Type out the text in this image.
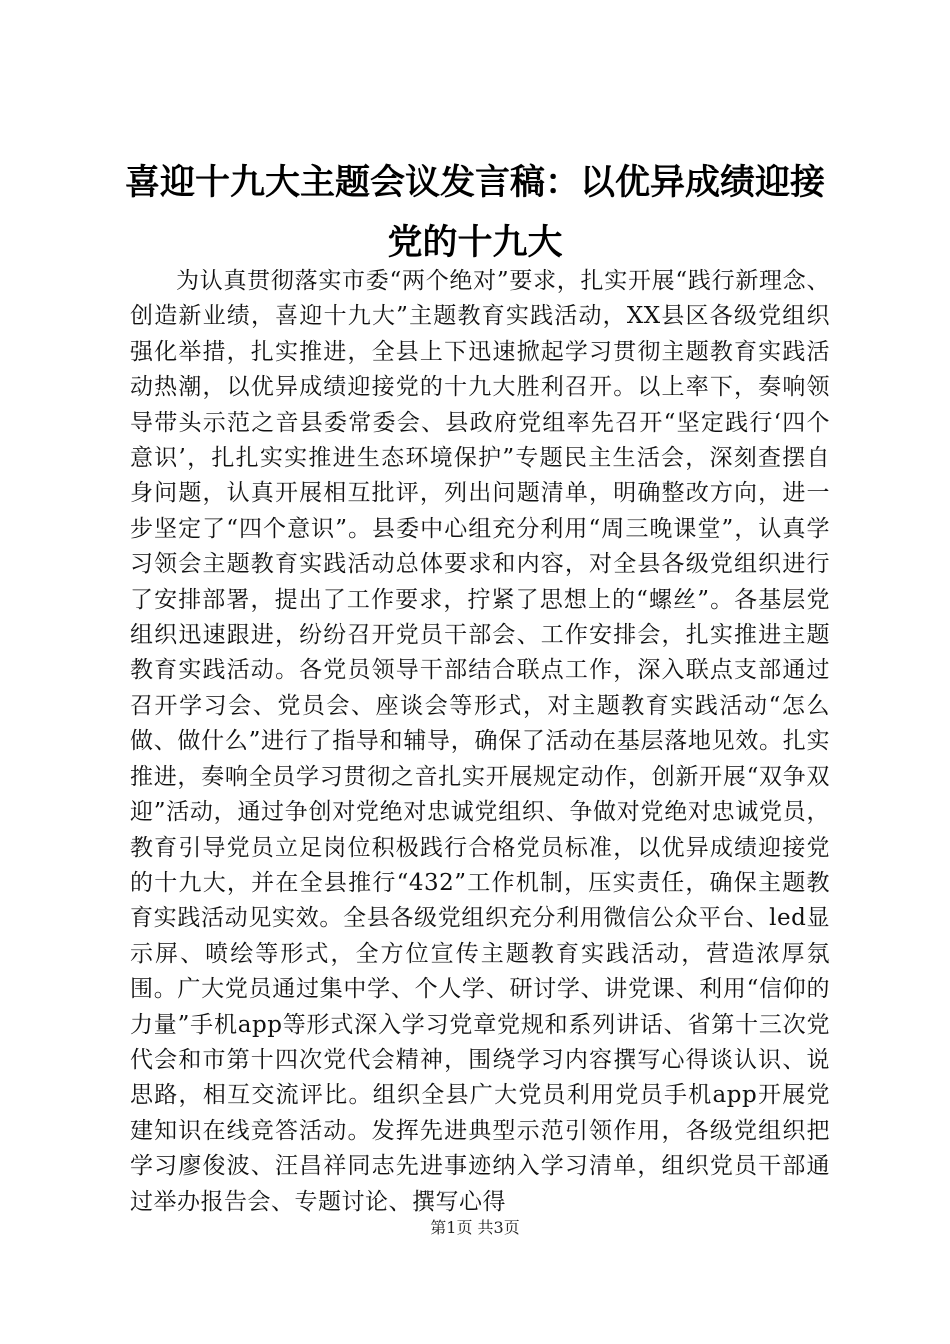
喜迎十九大主题会议发言稿：以优异成绩迎接
党的十九大

为认真贯彻落实市委“两个绝对”要求，扎实开展“践行新理念、创造新业绩，喜迎十九大”主题教育实践活动，XX县区各级党组织强化举措，扎实推进，全县上下迅速掀起学习贯彻主题教育实践活动热潮，以优异成绩迎接党的十九大胜利召开。以上率下，奏响领导带头示范之音县委常委会、县政府党组率先召开“坚定践行‘四个意识’，扎扎实实推进生态环境保护”专题民主生活会，深刻查摆自身问题，认真开展相互批评，列出问题清单，明确整改方向，进一步坚定了“四个意识”。县委中心组充分利用“周三晚课堂”，认真学习领会主题教育实践活动总体要求和内容，对全县各级党组织进行了安排部署，提出了工作要求，拧紧了思想上的“螺丝”。各基层党组织迅速跟进，纷纷召开党员干部会、工作安排会，扎实推进主题教育实践活动。各党员领导干部结合联点工作，深入联点支部通过召开学习会、党员会、座谈会等形式，对主题教育实践活动“怎么做、做什么”进行了指导和辅导，确保了活动在基层落地见效。扎实推进，奏响全员学习贯彻之音扎实开展规定动作，创新开展“双争双迎”活动，通过争创对党绝对忠诚党组织、争做对党绝对忠诚党员，教育引导党员立足岗位积极践行合格党员标准，以优异成绩迎接党的十九大，并在全县推行“432”工作机制，压实责任，确保主题教育实践活动见实效。全县各级党组织充分利用微信公众平台、led显示屏、喷绘等形式，全方位宣传主题教育实践活动，营造浓厚氛围。广大党员通过集中学、个人学、研讨学、讲党课、利用“信仰的力量”手机app等形式深入学习党章党规和系列讲话、省第十三次党代会和市第十四次党代会精神，围绕学习内容撰写心得谈认识、说思路，相互交流评比。组织全县广大党员利用党员手机app开展党建知识在线竞答活动。发挥先进典型示范引领作用，各级党组织把学习廖俊波、汪昌祥同志先进事迹纳入学习清单，组织党员干部通过举办报告会、专题讨论、撰写心得

第1页 共3页
